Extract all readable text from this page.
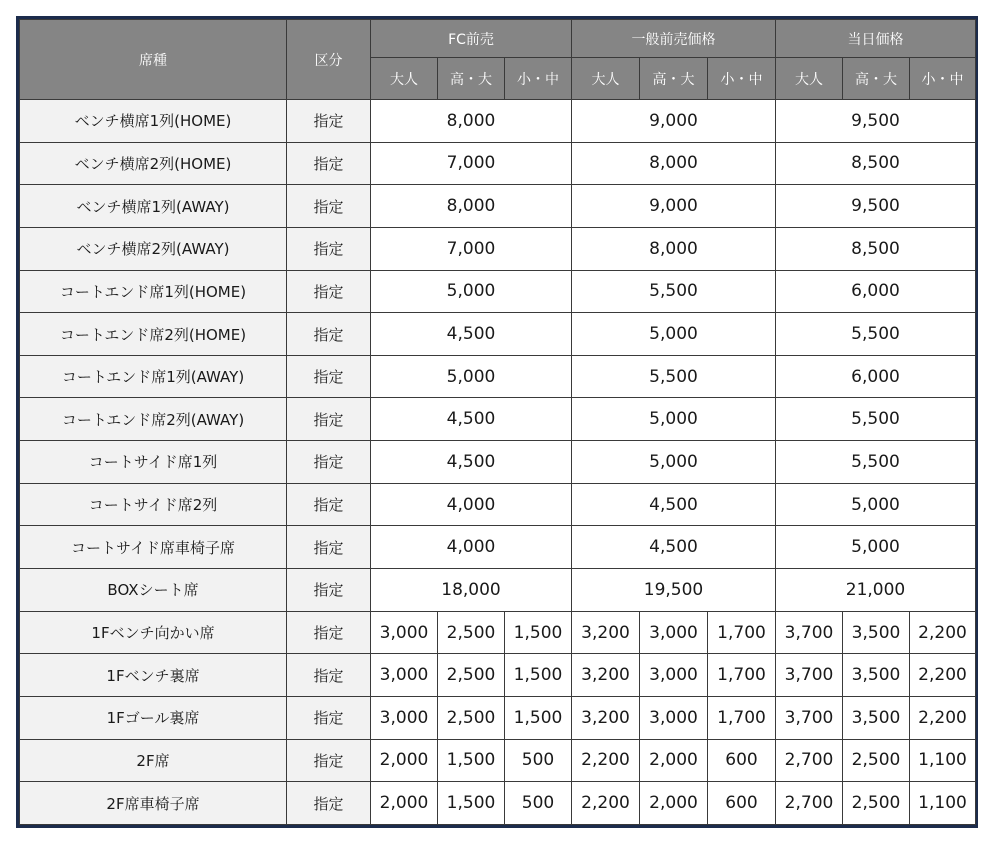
席種	区分	FC前売			一般前売価格			当日価格		
		大人	高・大	小・中	大人	高・大	小・中	大人	高・大	小・中
ベンチ横席1列(HOME)	指定	8,000			9,000			9,500		
ベンチ横席2列(HOME)	指定	7,000			8,000			8,500		
ベンチ横席1列(AWAY)	指定	8,000			9,000			9,500		
ベンチ横席2列(AWAY)	指定	7,000			8,000			8,500		
コートエンド席1列(HOME)	指定	5,000			5,500			6,000		
コートエンド席2列(HOME)	指定	4,500			5,000			5,500		
コートエンド席1列(AWAY)	指定	5,000			5,500			6,000		
コートエンド席2列(AWAY)	指定	4,500			5,000			5,500		
コートサイド席1列	指定	4,500			5,000			5,500		
コートサイド席2列	指定	4,000			4,500			5,000		
コートサイド席車椅子席	指定	4,000			4,500			5,000		
BOXシート席	指定	18,000			19,500			21,000		
1Fベンチ向かい席	指定	3,000	2,500	1,500	3,200	3,000	1,700	3,700	3,500	2,200
1Fベンチ裏席	指定	3,000	2,500	1,500	3,200	3,000	1,700	3,700	3,500	2,200
1Fゴール裏席	指定	3,000	2,500	1,500	3,200	3,000	1,700	3,700	3,500	2,200
2F席	指定	2,000	1,500	500	2,200	2,000	600	2,700	2,500	1,100
2F席車椅子席	指定	2,000	1,500	500	2,200	2,000	600	2,700	2,500	1,100
